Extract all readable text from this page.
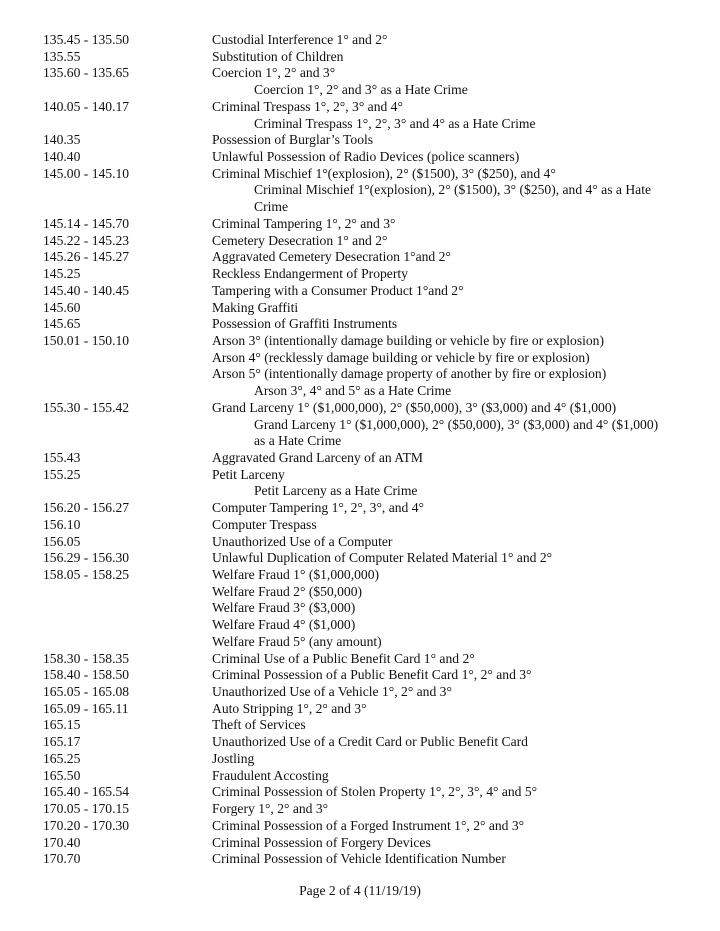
135.45 - 135.50	Custodial Interference 1° and 2°
135.55	Substitution of Children
135.60 - 135.65	Coercion 1°, 2° and 3°
Coercion 1°, 2° and 3° as a Hate Crime
140.05 - 140.17	Criminal Trespass 1°, 2°, 3° and 4°
Criminal Trespass 1°, 2°, 3° and 4° as a Hate Crime
140.35	Possession of Burglar’s Tools
140.40	Unlawful Possession of Radio Devices (police scanners)
145.00 - 145.10	Criminal Mischief 1°(explosion), 2° ($1500), 3° ($250), and 4°
Criminal Mischief 1°(explosion), 2° ($1500), 3° ($250), and 4° as a Hate
Crime
145.14 - 145.70	Criminal Tampering 1°, 2° and 3°
145.22 - 145.23	Cemetery Desecration 1° and 2°
145.26 - 145.27	Aggravated Cemetery Desecration 1°and 2°
145.25	Reckless Endangerment of Property
145.40 - 140.45	Tampering with a Consumer Product 1°and 2°
145.60	Making Graffiti
145.65	Possession of Graffiti Instruments
150.01 - 150.10	Arson 3° (intentionally damage building or vehicle by fire or explosion)
Arson 4° (recklessly damage building or vehicle by fire or explosion)
Arson 5° (intentionally damage property of another by fire or explosion)
Arson 3°, 4° and 5° as a Hate Crime
155.30 - 155.42	Grand Larceny 1° ($1,000,000), 2° ($50,000), 3° ($3,000) and 4° ($1,000)
Grand Larceny 1° ($1,000,000), 2° ($50,000), 3° ($3,000) and 4° ($1,000)
as a Hate Crime
155.43	Aggravated Grand Larceny of an ATM
155.25	Petit Larceny
Petit Larceny as a Hate Crime
156.20 - 156.27	Computer Tampering 1°, 2°, 3°, and 4°
156.10	Computer Trespass
156.05	Unauthorized Use of a Computer
156.29 - 156.30	Unlawful Duplication of Computer Related Material 1° and 2°
158.05 - 158.25	Welfare Fraud 1° ($1,000,000)
Welfare Fraud 2° ($50,000)
Welfare Fraud 3° ($3,000)
Welfare Fraud 4° ($1,000)
Welfare Fraud 5° (any amount)
158.30 - 158.35	Criminal Use of a Public Benefit Card 1° and 2°
158.40 - 158.50	Criminal Possession of a Public Benefit Card 1°, 2° and 3°
165.05 - 165.08	Unauthorized Use of a Vehicle 1°, 2° and 3°
165.09 - 165.11	Auto Stripping 1°, 2° and 3°
165.15	Theft of Services
165.17	Unauthorized Use of a Credit Card or Public Benefit Card
165.25	Jostling
165.50	Fraudulent Accosting
165.40 - 165.54	Criminal Possession of Stolen Property 1°, 2°, 3°, 4° and 5°
170.05 - 170.15	Forgery 1°, 2° and 3°
170.20 - 170.30	Criminal Possession of a Forged Instrument 1°, 2° and 3°
170.40	Criminal Possession of Forgery Devices
170.70	Criminal Possession of Vehicle Identification Number
Page 2 of 4 (11/19/19)
